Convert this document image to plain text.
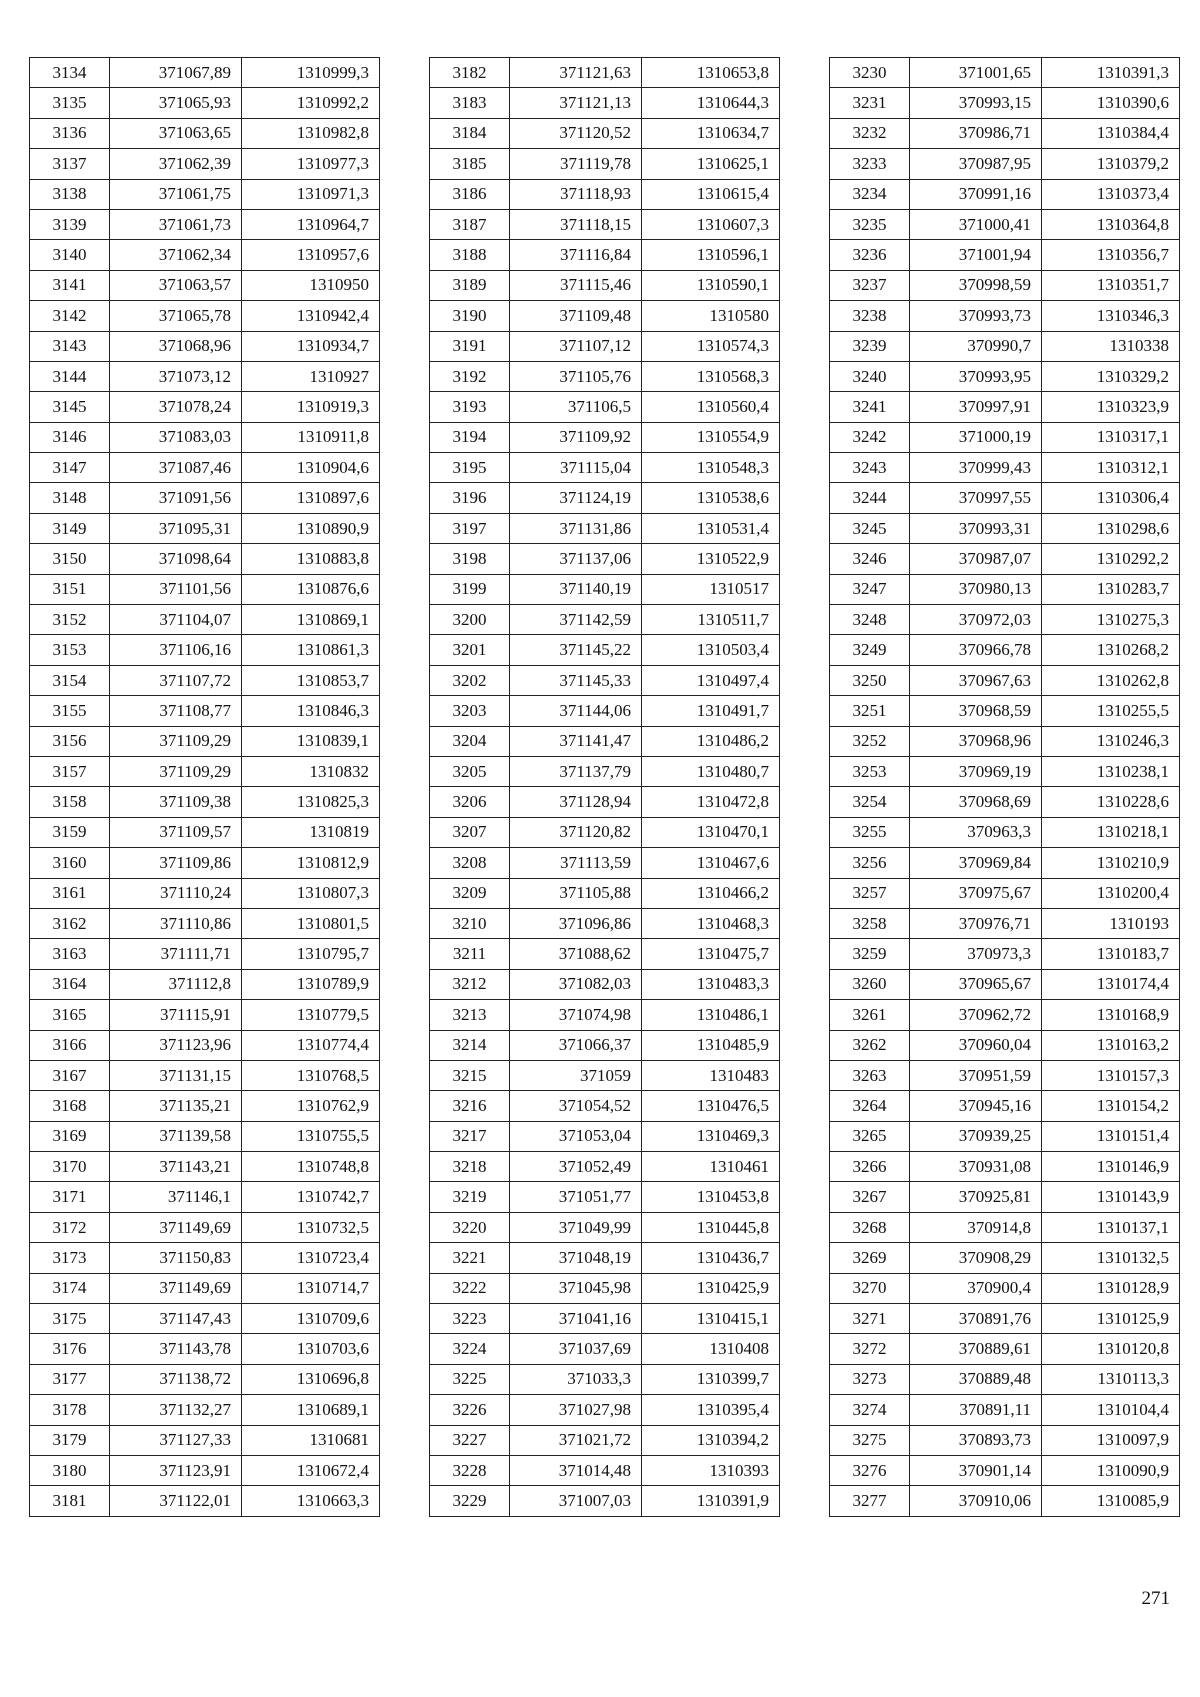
3134	371067,89	1310999,3
3135	371065,93	1310992,2
3136	371063,65	1310982,8
3137	371062,39	1310977,3
3138	371061,75	1310971,3
3139	371061,73	1310964,7
3140	371062,34	1310957,6
3141	371063,57	1310950
3142	371065,78	1310942,4
3143	371068,96	1310934,7
3144	371073,12	1310927
3145	371078,24	1310919,3
3146	371083,03	1310911,8
3147	371087,46	1310904,6
3148	371091,56	1310897,6
3149	371095,31	1310890,9
3150	371098,64	1310883,8
3151	371101,56	1310876,6
3152	371104,07	1310869,1
3153	371106,16	1310861,3
3154	371107,72	1310853,7
3155	371108,77	1310846,3
3156	371109,29	1310839,1
3157	371109,29	1310832
3158	371109,38	1310825,3
3159	371109,57	1310819
3160	371109,86	1310812,9
3161	371110,24	1310807,3
3162	371110,86	1310801,5
3163	371111,71	1310795,7
3164	371112,8	1310789,9
3165	371115,91	1310779,5
3166	371123,96	1310774,4
3167	371131,15	1310768,5
3168	371135,21	1310762,9
3169	371139,58	1310755,5
3170	371143,21	1310748,8
3171	371146,1	1310742,7
3172	371149,69	1310732,5
3173	371150,83	1310723,4
3174	371149,69	1310714,7
3175	371147,43	1310709,6
3176	371143,78	1310703,6
3177	371138,72	1310696,8
3178	371132,27	1310689,1
3179	371127,33	1310681
3180	371123,91	1310672,4
3181	371122,01	1310663,3
3182	371121,63	1310653,8
3183	371121,13	1310644,3
3184	371120,52	1310634,7
3185	371119,78	1310625,1
3186	371118,93	1310615,4
3187	371118,15	1310607,3
3188	371116,84	1310596,1
3189	371115,46	1310590,1
3190	371109,48	1310580
3191	371107,12	1310574,3
3192	371105,76	1310568,3
3193	371106,5	1310560,4
3194	371109,92	1310554,9
3195	371115,04	1310548,3
3196	371124,19	1310538,6
3197	371131,86	1310531,4
3198	371137,06	1310522,9
3199	371140,19	1310517
3200	371142,59	1310511,7
3201	371145,22	1310503,4
3202	371145,33	1310497,4
3203	371144,06	1310491,7
3204	371141,47	1310486,2
3205	371137,79	1310480,7
3206	371128,94	1310472,8
3207	371120,82	1310470,1
3208	371113,59	1310467,6
3209	371105,88	1310466,2
3210	371096,86	1310468,3
3211	371088,62	1310475,7
3212	371082,03	1310483,3
3213	371074,98	1310486,1
3214	371066,37	1310485,9
3215	371059	1310483
3216	371054,52	1310476,5
3217	371053,04	1310469,3
3218	371052,49	1310461
3219	371051,77	1310453,8
3220	371049,99	1310445,8
3221	371048,19	1310436,7
3222	371045,98	1310425,9
3223	371041,16	1310415,1
3224	371037,69	1310408
3225	371033,3	1310399,7
3226	371027,98	1310395,4
3227	371021,72	1310394,2
3228	371014,48	1310393
3229	371007,03	1310391,9
3230	371001,65	1310391,3
3231	370993,15	1310390,6
3232	370986,71	1310384,4
3233	370987,95	1310379,2
3234	370991,16	1310373,4
3235	371000,41	1310364,8
3236	371001,94	1310356,7
3237	370998,59	1310351,7
3238	370993,73	1310346,3
3239	370990,7	1310338
3240	370993,95	1310329,2
3241	370997,91	1310323,9
3242	371000,19	1310317,1
3243	370999,43	1310312,1
3244	370997,55	1310306,4
3245	370993,31	1310298,6
3246	370987,07	1310292,2
3247	370980,13	1310283,7
3248	370972,03	1310275,3
3249	370966,78	1310268,2
3250	370967,63	1310262,8
3251	370968,59	1310255,5
3252	370968,96	1310246,3
3253	370969,19	1310238,1
3254	370968,69	1310228,6
3255	370963,3	1310218,1
3256	370969,84	1310210,9
3257	370975,67	1310200,4
3258	370976,71	1310193
3259	370973,3	1310183,7
3260	370965,67	1310174,4
3261	370962,72	1310168,9
3262	370960,04	1310163,2
3263	370951,59	1310157,3
3264	370945,16	1310154,2
3265	370939,25	1310151,4
3266	370931,08	1310146,9
3267	370925,81	1310143,9
3268	370914,8	1310137,1
3269	370908,29	1310132,5
3270	370900,4	1310128,9
3271	370891,76	1310125,9
3272	370889,61	1310120,8
3273	370889,48	1310113,3
3274	370891,11	1310104,4
3275	370893,73	1310097,9
3276	370901,14	1310090,9
3277	370910,06	1310085,9
271
